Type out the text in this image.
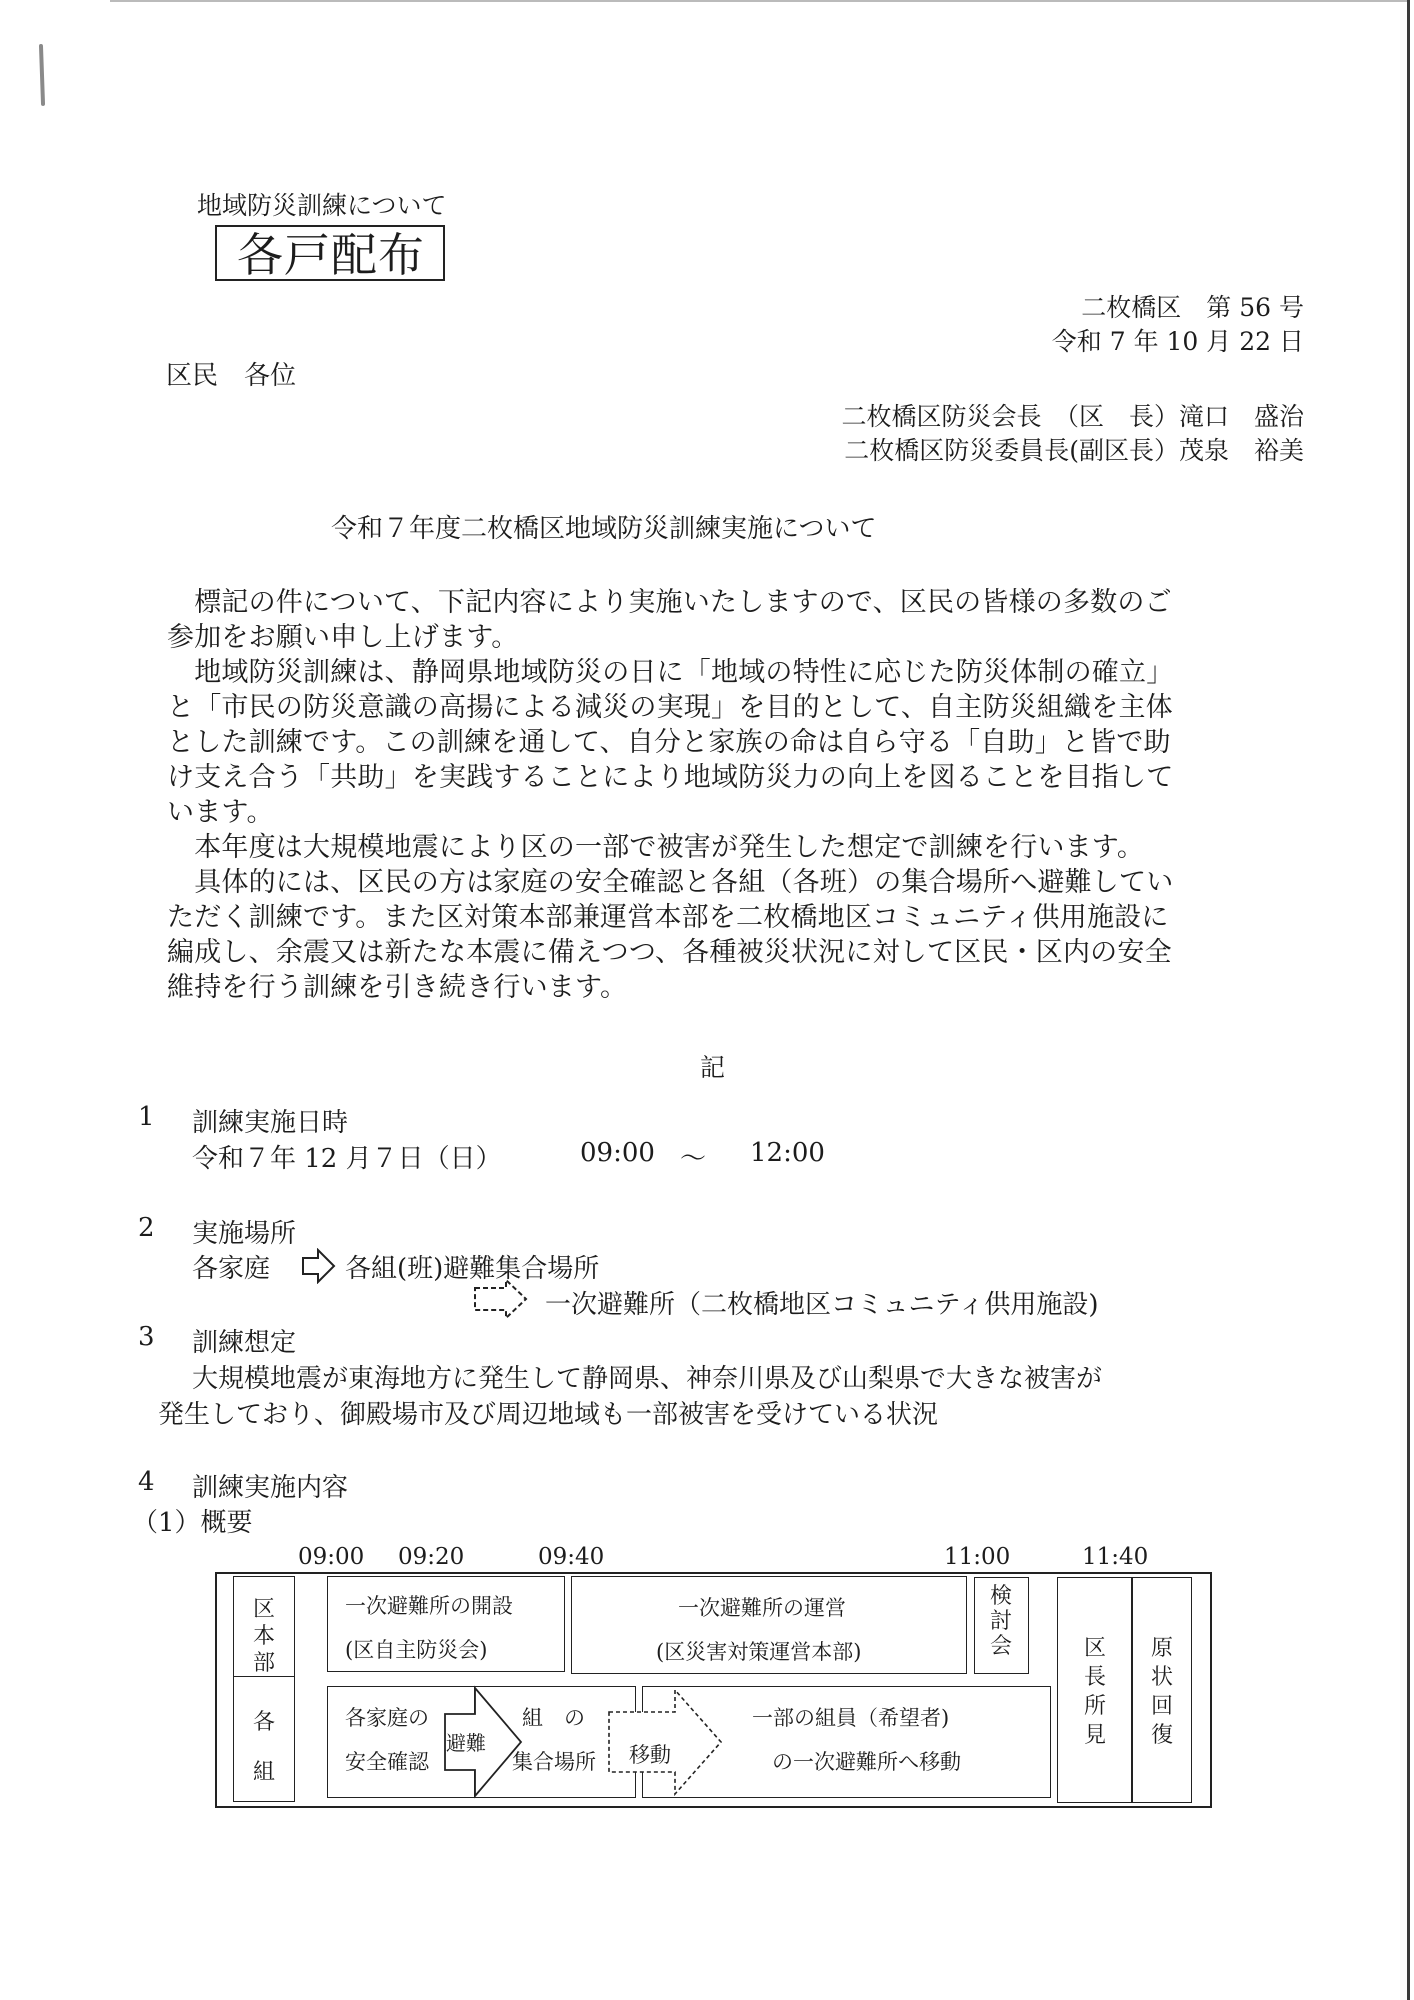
地域防災訓練について
各戸配布
二枚橋区　第 56 号
令和 7 年 10 月 22 日
区民　各位
二枚橋区防災会長　（区　長）滝口　盛治
二枚橋区防災委員長(副区長）茂泉　裕美
令和７年度二枚橋区地域防災訓練実施について
　標記の件について、下記内容により実施いたしますので、区民の皆様の多数のご
参加をお願い申し上げます。
　地域防災訓練は、静岡県地域防災の日に「地域の特性に応じた防災体制の確立」
と「市民の防災意識の高揚による減災の実現」を目的として、自主防災組織を主体
とした訓練です。この訓練を通して、自分と家族の命は自ら守る「自助」と皆で助
け支え合う「共助」を実践することにより地域防災力の向上を図ることを目指して
います。
　本年度は大規模地震により区の一部で被害が発生した想定で訓練を行います。
　具体的には、区民の方は家庭の安全確認と各組（各班）の集合場所へ避難してい
ただく訓練です。また区対策本部兼運営本部を二枚橋地区コミュニティ供用施設に
編成し、余震又は新たな本震に備えつつ、各種被災状況に対して区民・区内の安全
維持を行う訓練を引き続き行います。
記
1 訓練実施日時
令和７年 12 月７日（日）	09:00 ～ 12:00
2 実施場所
各家庭	各組(班)避難集合場所
一次避難所（二枚橋地区コミュニティ供用施設)
3 訓練想定
大規模地震が東海地方に発生して静岡県、神奈川県及び山梨県で大きな被害が
発生しており、御殿場市及び周辺地域も一部被害を受けている状況
4 訓練実施内容
（1）概要
09:00 09:20	09:40	11:00	11:40
区本部
各組
一次避難所の開設
(区自主防災会)
一次避難所の運営
(区災害対策運営本部)
検討会	区長所見
原状回復
各家庭の
安全確認
避難
組　の
集合場所 移動
一部の組員（希望者)
の一次避難所へ移動
